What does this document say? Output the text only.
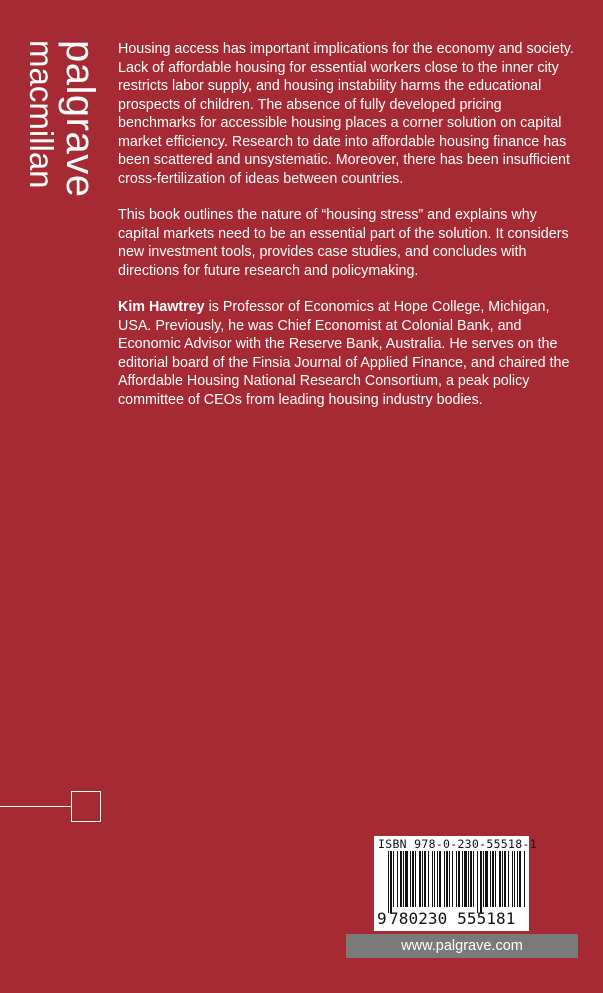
palgrave
macmillan	Housing access has important implications for the economy and society. Lack of affordable housing for essential workers close to the inner city restricts labor supply, and housing instability harms the educational prospects of children. The absence of fully developed pricing benchmarks for accessible housing places a corner solution on capital market efficiency. Research to date into affordable housing finance has been scattered and unsystematic. Moreover, there has been insufficient cross-fertilization of ideas between countries.

This book outlines the nature of “housing stress” and explains why capital markets need to be an essential part of the solution. It considers new investment tools, provides case studies, and concludes with directions for future research and policymaking.

Kim Hawtrey is Professor of Economics at Hope College, Michigan, USA. Previously, he was Chief Economist at Colonial Bank, and Economic Advisor with the Reserve Bank, Australia. He serves on the editorial board of the Finsia Journal of Applied Finance, and chaired the Affordable Housing National Research Consortium, a peak policy committee of CEOs from leading housing industry bodies.

ISBN 978-0-230-55518-1
9 780230 555181
www.palgrave.com
